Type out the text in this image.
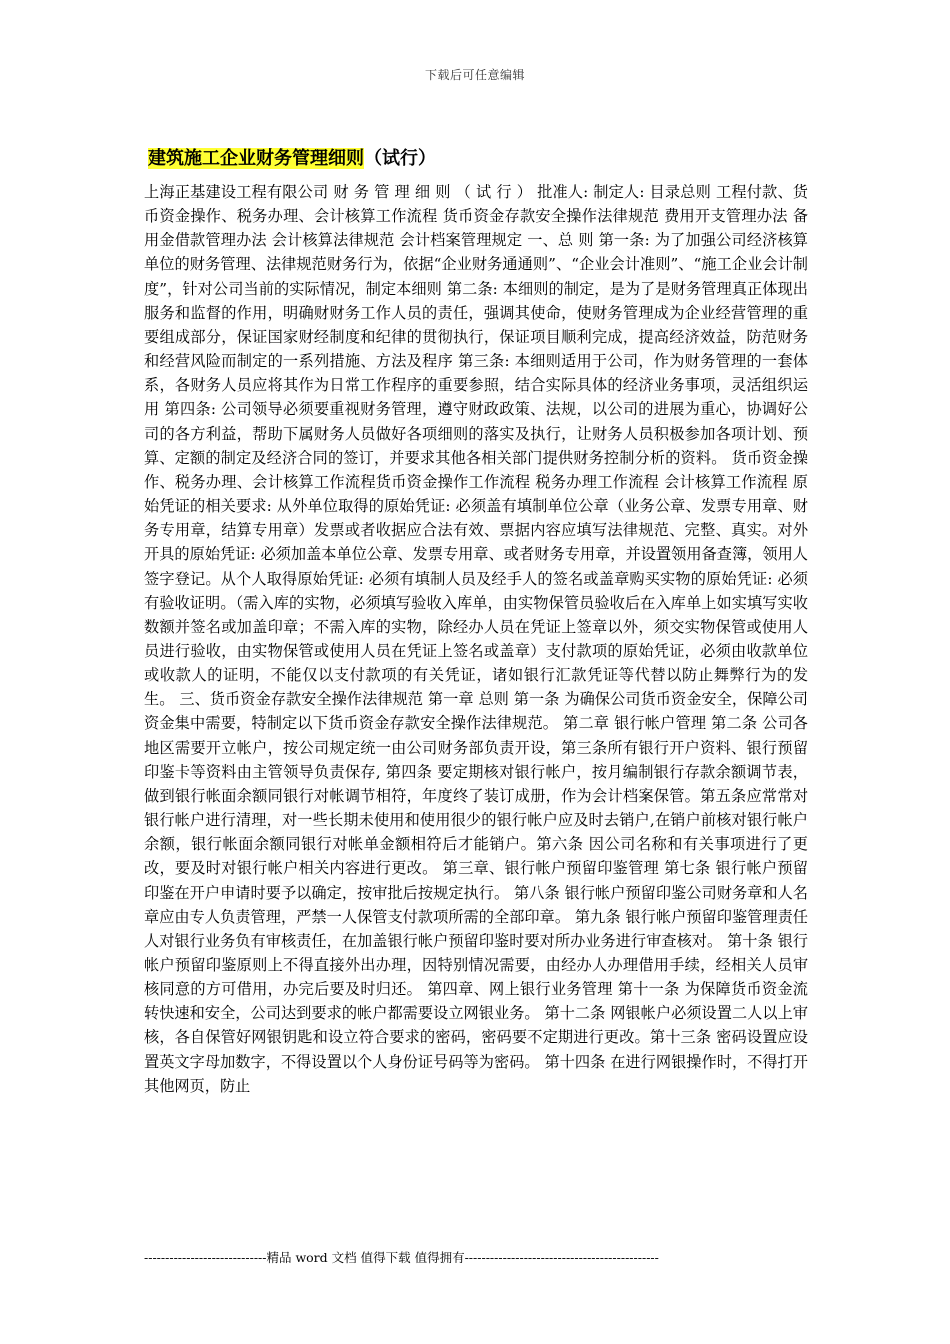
下载后可任意编辑
建筑施工企业财务管理细则（试行）

上海正基建设工程有限公司 财 务 管 理 细 则 （ 试 行 ） 批准人: 制定人: 目录总则 工程付款、货币资金操作、税务办理、会计核算工作流程 货币资金存款安全操作法律规范 费用开支管理办法 备用金借款管理办法 会计核算法律规范 会计档案管理规定 一、总 则 第一条: 为了加强公司经济核算单位的财务管理、法律规范财务行为，依据“企业财务通通则”、“企业会计准则”、“施工企业会计制度”，针对公司当前的实际情况，制定本细则 第二条: 本细则的制定，是为了是财务管理真正体现出服务和监督的作用，明确财财务工作人员的责任，强调其使命，使财务管理成为企业经营管理的重要组成部分，保证国家财经制度和纪律的贯彻执行，保证项目顺利完成，提高经济效益，防范财务和经营风险而制定的一系列措施、方法及程序 第三条: 本细则适用于公司，作为财务管理的一套体系，各财务人员应将其作为日常工作程序的重要参照，结合实际具体的经济业务事项，灵活组织运用 第四条: 公司领导必须要重视财务管理，遵守财政政策、法规，以公司的进展为重心，协调好公司的各方利益，帮助下属财务人员做好各项细则的落实及执行，让财务人员积极参加各项计划、预算、定额的制定及经济合同的签订，并要求其他各相关部门提供财务控制分析的资料。 货币资金操作、税务办理、会计核算工作流程货币资金操作工作流程 税务办理工作流程 会计核算工作流程 原始凭证的相关要求: 从外单位取得的原始凭证: 必须盖有填制单位公章（业务公章、发票专用章、财务专用章，结算专用章）发票或者收据应合法有效、票据内容应填写法律规范、完整、真实。对外开具的原始凭证: 必须加盖本单位公章、发票专用章、或者财务专用章，并设置领用备查簿，领用人签字登记。从个人取得原始凭证: 必须有填制人员及经手人的签名或盖章购买实物的原始凭证: 必须有验收证明。（需入库的实物，必须填写验收入库单，由实物保管员验收后在入库单上如实填写实收数额并签名或加盖印章；不需入库的实物，除经办人员在凭证上签章以外，须交实物保管或使用人员进行验收，由实物保管或使用人员在凭证上签名或盖章）支付款项的原始凭证，必须由收款单位或收款人的证明，不能仅以支付款项的有关凭证，诸如银行汇款凭证等代替以防止舞弊行为的发生。 三、货币资金存款安全操作法律规范 第一章 总则 第一条 为确保公司货币资金安全，保障公司资金集中需要，特制定以下货币资金存款安全操作法律规范。 第二章 银行帐户管理 第二条 公司各地区需要开立帐户，按公司规定统一由公司财务部负责开设，第三条所有银行开户资料、银行预留印鉴卡等资料由主管领导负责保存, 第四条 要定期核对银行帐户，按月编制银行存款余额调节表，做到银行帐面余额同银行对帐调节相符，年度终了装订成册，作为会计档案保管。第五条应常常对银行帐户进行清理，对一些长期未使用和使用很少的银行帐户应及时去销户,在销户前核对银行帐户余额，银行帐面余额同银行对帐单金额相符后才能销户。第六条 因公司名称和有关事项进行了更改，要及时对银行帐户相关内容进行更改。 第三章、银行帐户预留印鉴管理 第七条 银行帐户预留印鉴在开户申请时要予以确定，按审批后按规定执行。 第八条 银行帐户预留印鉴公司财务章和人名章应由专人负责管理，严禁一人保管支付款项所需的全部印章。 第九条 银行帐户预留印鉴管理责任人对银行业务负有审核责任，在加盖银行帐户预留印鉴时要对所办业务进行审查核对。 第十条 银行帐户预留印鉴原则上不得直接外出办理，因特别情况需要，由经办人办理借用手续，经相关人员审核同意的方可借用，办完后要及时归还。 第四章、网上银行业务管理 第十一条 为保障货币资金流转快速和安全，公司达到要求的帐户都需要设立网银业务。 第十二条 网银帐户必须设置二人以上审核，各自保管好网银钥匙和设立符合要求的密码，密码要不定期进行更改。第十三条 密码设置应设置英文字母加数字，不得设置以个人身份证号码等为密码。 第十四条 在进行网银操作时，不得打开其他网页，防止

-----------------------------精品 word 文档 值得下载 值得拥有----------------------------------------------
